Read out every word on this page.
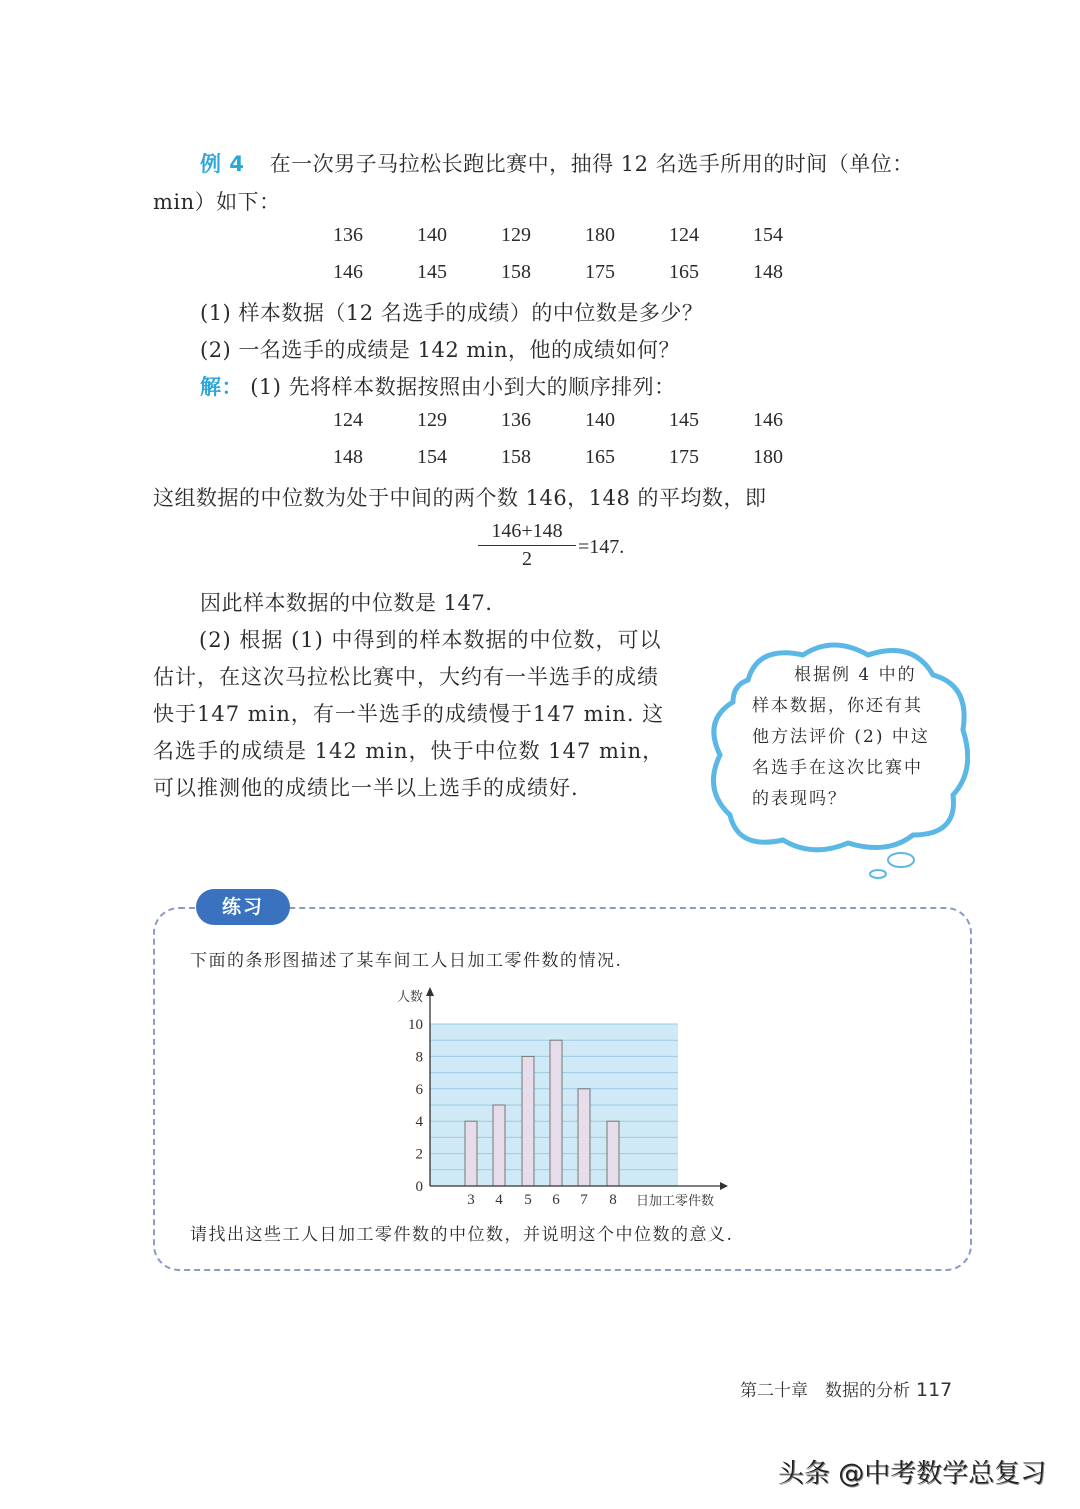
例 4 在一次男子马拉松长跑比赛中，抽得 12 名选手所用的时间（单位：
min）如下：
136	140	129	180	124	154
146	145	158	175	165	148
(1) 样本数据（12 名选手的成绩）的中位数是多少？
(2) 一名选手的成绩是 142 min，他的成绩如何？
解： (1) 先将样本数据按照由小到大的顺序排列：
124	129	136	140	145	146
148	154	158	165	175	180
这组数据的中位数为处于中间的两个数 146，148 的平均数，即
146+148
2
=147.
因此样本数据的中位数是 147.
(2) 根据 (1) 中得到的样本数据的中位数，可以估计，在这次马拉松比赛中，大约有一半选手的成绩快于147 min，有一半选手的成绩慢于147 min. 这名选手的成绩是 142 min，快于中位数 147 min，可以推测他的成绩比一半以上选手的成绩好.
根据例 4 中的样本数据，你还有其他方法评价 (2) 中这名选手在这次比赛中的表现吗？
练习
下面的条形图描述了某车间工人日加工零件数的情况.
0
2
4
6
8
10
3 4 5 6 7 8
人数
日加工零件数
请找出这些工人日加工零件数的中位数，并说明这个中位数的意义.
第二十章　数据的分析 117
头条 @中考数学总复习
